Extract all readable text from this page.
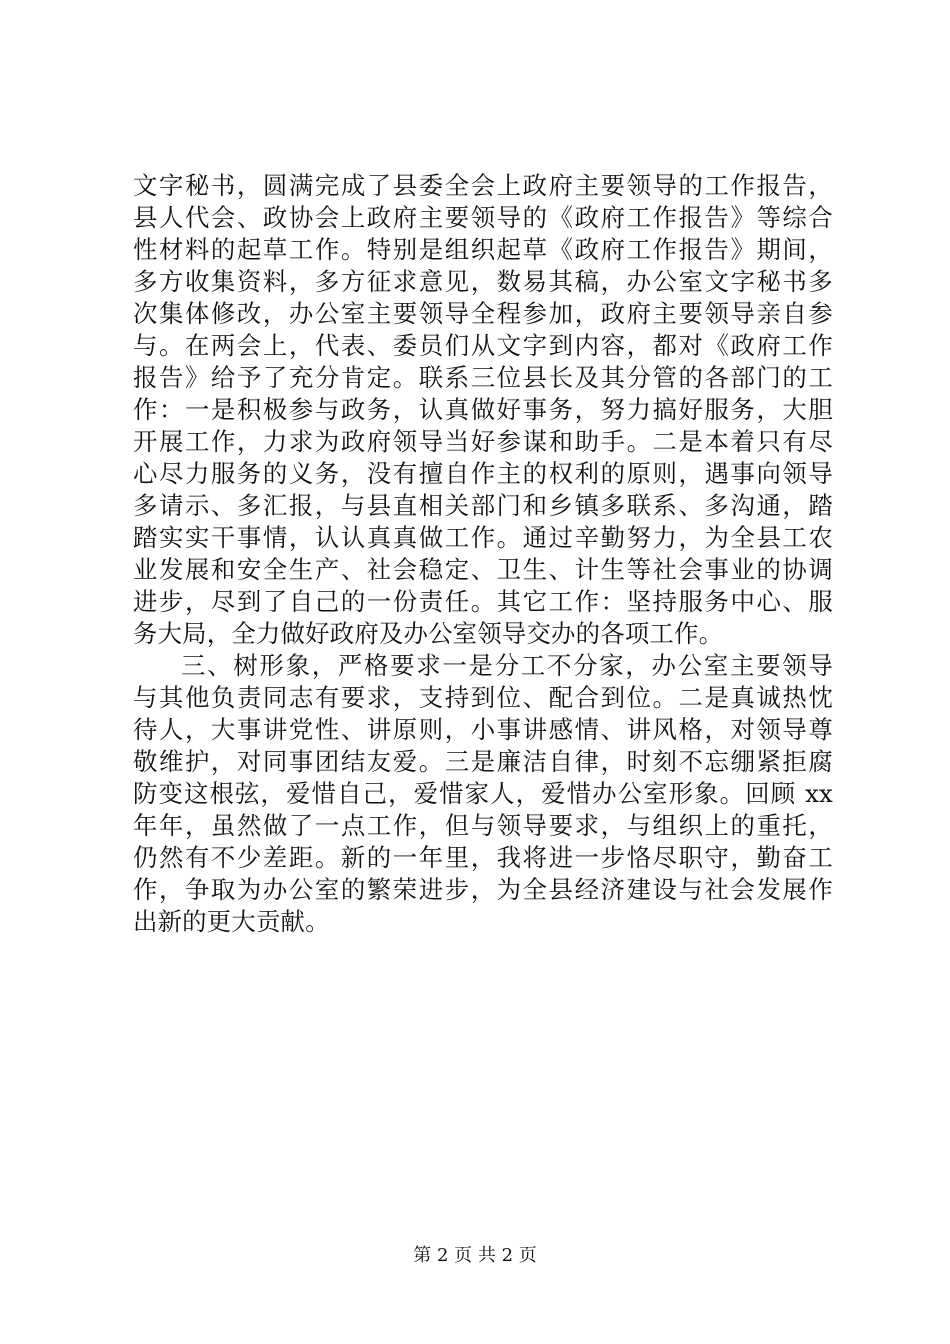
文字秘书，圆满完成了县委全会上政府主要领导的工作报告，
县人代会、政协会上政府主要领导的《政府工作报告》等综合
性材料的起草工作。特别是组织起草《政府工作报告》期间，
多方收集资料，多方征求意见，数易其稿，办公室文字秘书多
次集体修改，办公室主要领导全程参加，政府主要领导亲自参
与。在两会上，代表、委员们从文字到内容，都对《政府工作
报告》给予了充分肯定。联系三位县长及其分管的各部门的工
作：一是积极参与政务，认真做好事务，努力搞好服务，大胆
开展工作，力求为政府领导当好参谋和助手。二是本着只有尽
心尽力服务的义务，没有擅自作主的权利的原则，遇事向领导
多请示、多汇报，与县直相关部门和乡镇多联系、多沟通，踏
踏实实干事情，认认真真做工作。通过辛勤努力，为全县工农
业发展和安全生产、社会稳定、卫生、计生等社会事业的协调
进步，尽到了自己的一份责任。其它工作：坚持服务中心、服
务大局，全力做好政府及办公室领导交办的各项工作。
三、树形象，严格要求一是分工不分家，办公室主要领导
与其他负责同志有要求，支持到位、配合到位。二是真诚热忱
待人，大事讲党性、讲原则，小事讲感情、讲风格，对领导尊
敬维护，对同事团结友爱。三是廉洁自律，时刻不忘绷紧拒腐
防变这根弦，爱惜自己，爱惜家人，爱惜办公室形象。回顾 xx
年年，虽然做了一点工作，但与领导要求，与组织上的重托，
仍然有不少差距。新的一年里，我将进一步恪尽职守，勤奋工
作，争取为办公室的繁荣进步，为全县经济建设与社会发展作
出新的更大贡献。
第 2 页 共 2 页
